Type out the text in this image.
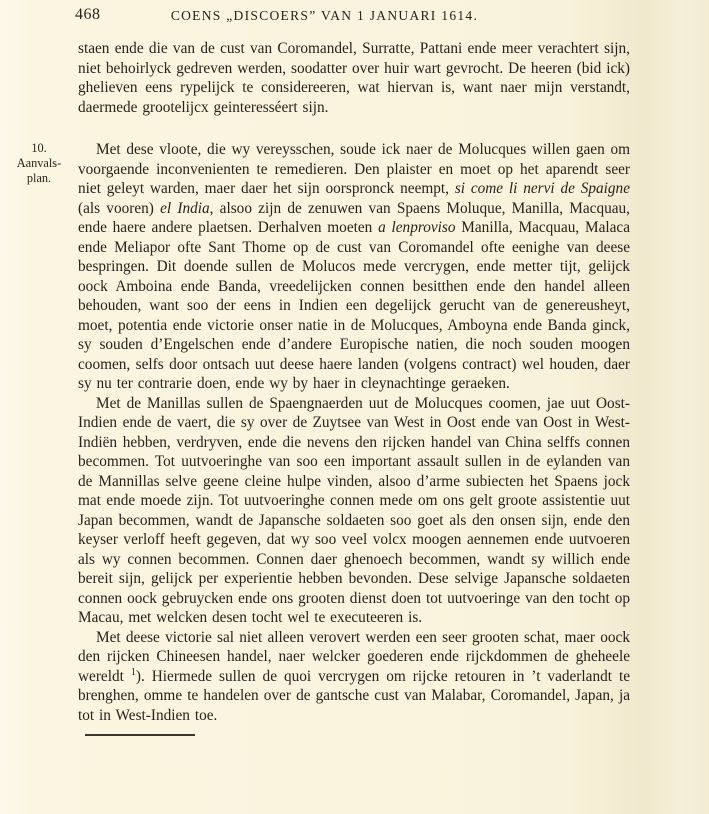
468	COENS „DISCOERS” VAN 1 JANUARI 1614.

staen ende die van de cust van Coromandel, Surratte, Pattani ende meer verachtert sijn, niet behoirlyck gedreven werden, soodatter over huir wart gevrocht. De heeren (bid ick) ghelieven eens rypelijck te considereeren, wat hiervan is, want naer mijn verstandt, daermede grootelijcx geinteresséert sijn.

10.
Aanvals-
plan.

Met dese vloote, die wy vereysschen, soude ick naer de Molucques willen gaen om voorgaende inconvenienten te remedieren. Den plaister en moet op het aparendt seer niet geleyt warden, maer daer het sijn oorspronck neempt, si come li nervi de Spaigne (als vooren) el India, alsoo zijn de zenuwen van Spaens Moluque, Manilla, Macquau, ende haere andere plaetsen. Derhalven moeten a lenproviso Manilla, Macquau, Malaca ende Meliapor ofte Sant Thome op de cust van Coromandel ofte eenighe van deese bespringen. Dit doende sullen de Molucos mede vercrygen, ende metter tijt, gelijck oock Amboina ende Banda, vreedelijcken connen besitthen ende den handel alleen behouden, want soo der eens in Indien een degelijck gerucht van de genereusheyt, moet, potentia ende victorie onser natie in de Molucques, Amboyna ende Banda ginck, sy souden d’Engelschen ende d’andere Europische natien, die noch souden moogen coomen, selfs door ontsach uut deese haere landen (volgens contract) wel houden, daer sy nu ter contrarie doen, ende wy by haer in cleynachtinge geraeken.

Met de Manillas sullen de Spaengnaerden uut de Molucques coomen, jae uut Oost-Indien ende de vaert, die sy over de Zuytsee van West in Oost ende van Oost in West-Indiën hebben, verdryven, ende die nevens den rijcken handel van China selffs connen becommen. Tot uutvoeringhe van soo een important assault sullen in de eylanden van de Mannillas selve geene cleine hulpe vinden, alsoo d’arme subiecten het Spaens jock mat ende moede zijn. Tot uutvoeringhe connen mede om ons gelt groote assistentie uut Japan becommen, wandt de Japansche soldaeten soo goet als den onsen sijn, ende den keyser verloff heeft gegeven, dat wy soo veel volcx moogen aennemen ende uutvoeren als wy connen becommen. Connen daer ghenoech becommen, wandt sy willich ende bereit sijn, gelijck per experientie hebben bevonden. Dese selvige Japansche soldaeten connen oock gebruycken ende ons grooten dienst doen tot uutvoeringe van den tocht op Macau, met welcken desen tocht wel te executeeren is.

Met deese victorie sal niet alleen verovert werden een seer grooten schat, maer oock den rijcken Chineesen handel, naer welcker goederen ende rijckdommen de gheheele wereldt $^1$). Hiermede sullen de quoi vercrygen om rijcke retouren in ’t vaderlandt te brenghen, omme te handelen over de gantsche cust van Malabar, Coromandel, Japan, ja tot in West-Indien toe.
